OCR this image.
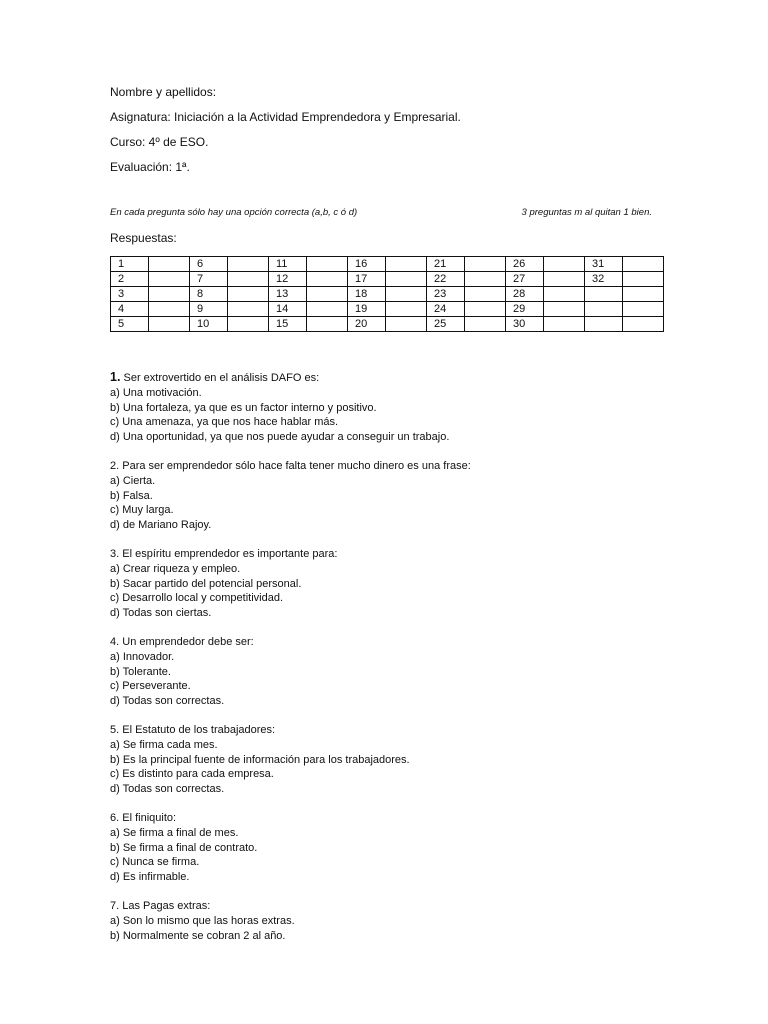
Nombre y apellidos:
Asignatura: Iniciación a la Actividad Emprendedora y Empresarial.
Curso: 4º de ESO.
Evaluación: 1ª.
En cada pregunta sólo hay una opción correcta (a,b, c ó d)	3 preguntas m al quitan 1 bien.
Respuestas:
1		6		11		16		21		26		31	
2		7		12		17		22		27		32	
3		8		13		18		23		28			
4		9		14		19		24		29			
5		10		15		20		25		30			
1. Ser extrovertido en el análisis DAFO es:
a) Una motivación.
b) Una fortaleza, ya que es un factor interno y positivo.
c) Una amenaza, ya que nos hace hablar más.
d) Una oportunidad, ya que nos puede ayudar a conseguir un trabajo.
2. Para ser emprendedor sólo hace falta tener mucho dinero es una frase:
a) Cierta.
b) Falsa.
c) Muy larga.
d) de Mariano Rajoy.
3. El espíritu emprendedor es importante para:
a) Crear riqueza y empleo.
b) Sacar partido del potencial personal.
c) Desarrollo local y competitividad.
d) Todas son ciertas.
4. Un emprendedor debe ser:
a) Innovador.
b) Tolerante.
c) Perseverante.
d) Todas son correctas.
5. El Estatuto de los trabajadores:
a) Se firma cada mes.
b) Es la principal fuente de información para los trabajadores.
c) Es distinto para cada empresa.
d) Todas son correctas.
6. El finiquito:
a) Se firma a final de mes.
b) Se firma a final de contrato.
c) Nunca se firma.
d) Es infirmable.
7. Las Pagas extras:
a) Son lo mismo que las horas extras.
b) Normalmente se cobran 2 al año.
